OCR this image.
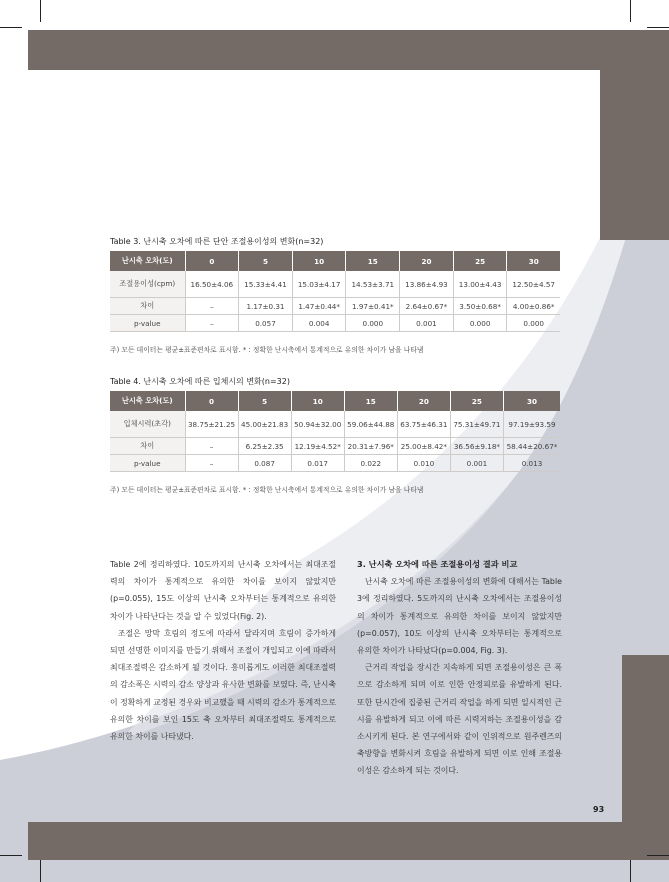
Table 3. 난시축 오차에 따른 단안 조절용이성의 변화(n=32)
난시축 오차(도)	0	5	10	15	20	25	30
조절용이성(cpm)	16.50±4.06	15.33±4.41	15.03±4.17	14.53±3.71	13.86±4.93	13.00±4.43	12.50±4.57
차이	–	1.17±0.31	1.47±0.44*	1.97±0.41*	2.64±0.67*	3.50±0.68*	4.00±0.86*
p-value	–	0.057	0.004	0.000	0.001	0.000	0.000
주) 모든 데이터는 평균±표준편차로 표시함. * : 정확한 난시축에서 통계적으로 유의한 차이가 남을 나타냄
Table 4. 난시축 오차에 따른 입체시의 변화(n=32)
난시축 오차(도)	0	5	10	15	20	25	30
입체시력(초각)	38.75±21.25	45.00±21.83	50.94±32.00	59.06±44.88	63.75±46.31	75.31±49.71	97.19±93.59
차이	–	6.25±2.35	12.19±4.52*	20.31±7.96*	25.00±8.42*	36.56±9.18*	58.44±20.67*
p-value	–	0.087	0.017	0.022	0.010	0.001	0.013
주) 모든 데이터는 평균±표준편차로 표시함. * : 정확한 난시축에서 통계적으로 유의한 차이가 남을 나타냄

Table 2에 정리하였다. 10도까지의 난시축 오차에서는 최대조절력의 차이가 통계적으로 유의한 차이를 보이지 않았지만(p=0.055), 15도 이상의 난시축 오차부터는 통계적으로 유의한 차이가 나타난다는 것을 알 수 있었다(Fig. 2).

조절은 망막 흐림의 정도에 따라서 달라지며 흐림이 증가하게 되면 선명한 이미지를 만들기 위해서 조절이 개입되고 이에 따라서 최대조절력은 감소하게 될 것이다. 흥미롭게도 이러한 최대조절력의 감소폭은 시력의 감소 양상과 유사한 변화를 보였다. 즉, 난시축이 정확하게 교정된 경우와 비교했을 때 시력의 감소가 통계적으로 유의한 차이를 보인 15도 축 오차부터 최대조절력도 통계적으로 유의한 차이를 나타냈다.

3. 난시축 오차에 따른 조절용이성 결과 비교

난시축 오차에 따른 조절용이성의 변화에 대해서는 Table 3에 정리하였다. 5도까지의 난시축 오차에서는 조절용이성의 차이가 통계적으로 유의한 차이를 보이지 않았지만(p=0.057), 10도 이상의 난시축 오차부터는 통계적으로 유의한 차이가 나타났다(p=0.004, Fig. 3).

근거리 작업을 장시간 지속하게 되면 조절용이성은 큰 폭으로 감소하게 되며 이로 인한 안정피로를 유발하게 된다. 또한 단시간에 집중된 근거리 작업을 하게 되면 일시적인 근시를 유발하게 되고 이에 따른 시력저하는 조절용이성을 감소시키게 된다. 본 연구에서와 같이 인위적으로 원주렌즈의 축방향을 변화시켜 흐림을 유발하게 되면 이로 인해 조절용이성은 감소하게 되는 것이다.

93
